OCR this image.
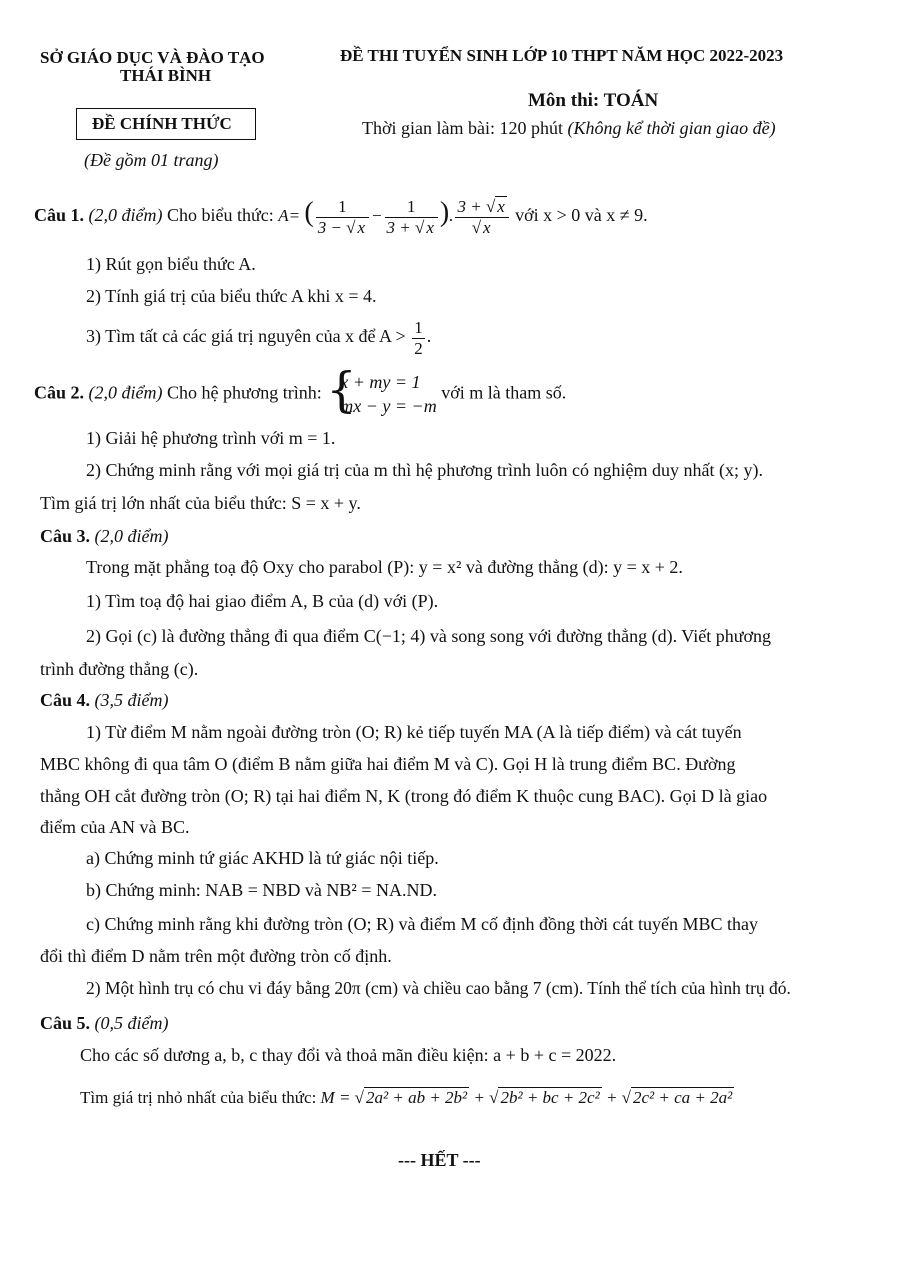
SỞ GIÁO DỤC VÀ ĐÀO TẠO
THÁI BÌNH
ĐỀ THI TUYỂN SINH LỚP 10 THPT NĂM HỌC 2022-2023
Môn thi: TOÁN
ĐỀ CHÍNH THỨC	Thời gian làm bài: 120 phút (Không kể thời gian giao đề)
(Đề gồm 01 trang)
Câu 1. (2,0 điểm) Cho biểu thức: A= ( $\frac{1}{3 - √ x} - \frac{1}{3 + √ x}$ ). $\frac{3 + √ x}{√ x}$ với x > 0 và x ≠ 9.
1) Rút gọn biểu thức A.
2) Tính giá trị của biểu thức A khi x = 4.
3) Tìm tất cả các giá trị nguyên của x để $A > \frac{1}{2}$ .
Câu 2. (2,0 điểm) Cho hệ phương trình: {
x + my = 1
mx − y = −m
với m là tham số.
1) Giải hệ phương trình với m = 1.
2) Chứng minh rằng với mọi giá trị của m thì hệ phương trình luôn có nghiệm duy nhất (x; y).
Tìm giá trị lớn nhất của biểu thức: S = x + y.
Câu 3. (2,0 điểm)
Trong mặt phẳng toạ độ Oxy cho parabol (P): y = x² và đường thẳng (d): y = x + 2.
1) Tìm toạ độ hai giao điểm A, B của (d) với (P).
2) Gọi (c) là đường thẳng đi qua điểm C(−1; 4) và song song với đường thẳng (d). Viết phương
trình đường thẳng (c).
Câu 4. (3,5 điểm)
1) Từ điểm M nằm ngoài đường tròn (O; R) kẻ tiếp tuyến MA (A là tiếp điểm) và cát tuyến
MBC không đi qua tâm O (điểm B nằm giữa hai điểm M và C). Gọi H là trung điểm BC. Đường
thẳng OH cắt đường tròn (O; R) tại hai điểm N, K (trong đó điểm K thuộc cung BAC). Gọi D là giao
điểm của AN và BC.
a) Chứng minh tứ giác AKHD là tứ giác nội tiếp.
b) Chứng minh: NAB = NBD và NB² = NA.ND.
c) Chứng minh rằng khi đường tròn (O; R) và điểm M cố định đồng thời cát tuyến MBC thay
đổi thì điểm D nằm trên một đường tròn cố định.
2) Một hình trụ có chu vi đáy bằng 20π (cm) và chiều cao bằng 7 (cm). Tính thể tích của hình trụ đó.
Câu 5. (0,5 điểm)
Cho các số dương a, b, c thay đổi và thoả mãn điều kiện: a + b + c = 2022.
Tìm giá trị nhỏ nhất của biểu thức: M = √ 2a² + ab + 2b² + √ 2b² + bc + 2c² + √ 2c² + ca + 2a²
--- HẾT ---
